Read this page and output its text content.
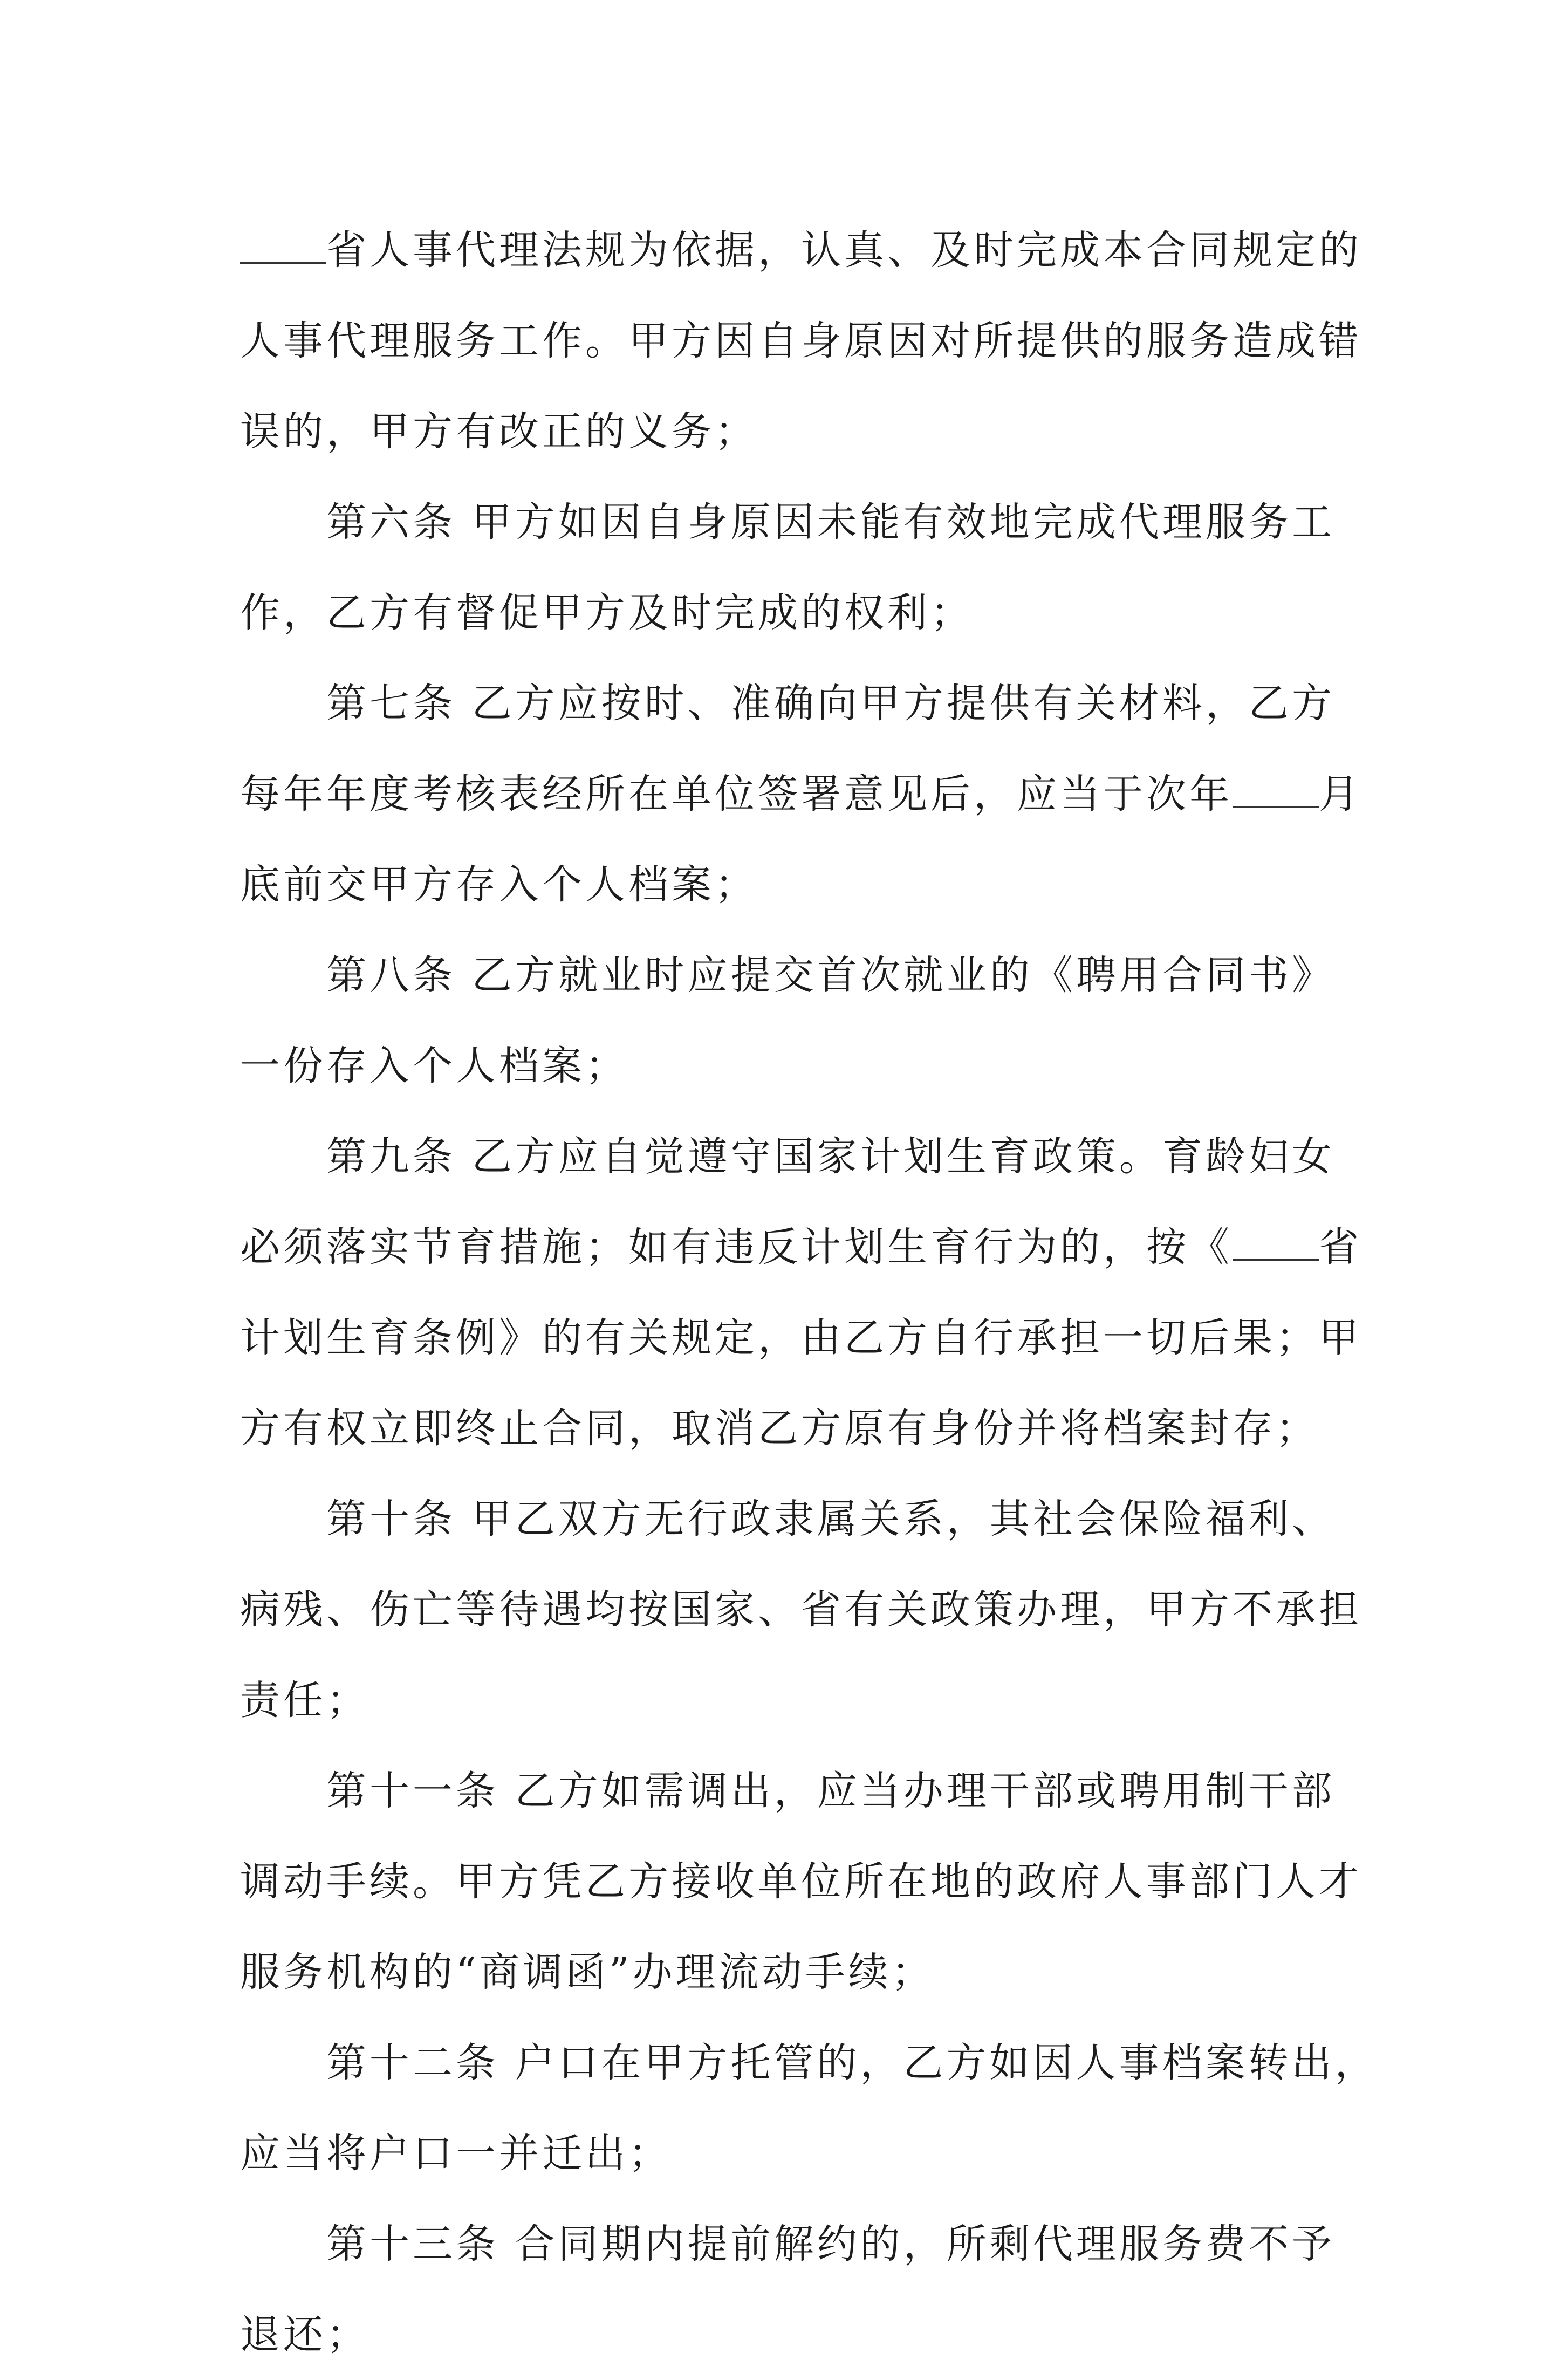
省人事代理法规为依据，认真、及时完成本合同规定的
人事代理服务工作。甲方因自身原因对所提供的服务造成错
误的，甲方有改正的义务；
第六条 甲方如因自身原因未能有效地完成代理服务工
作，乙方有督促甲方及时完成的权利；
第七条 乙方应按时、准确向甲方提供有关材料，乙方
每年年度考核表经所在单位签署意见后，应当于次年 月
底前交甲方存入个人档案；
第八条 乙方就业时应提交首次就业的《聘用合同书》
一份存入个人档案；
第九条 乙方应自觉遵守国家计划生育政策。育龄妇女
必须落实节育措施；如有违反计划生育行为的，按《 省
计划生育条例》的有关规定，由乙方自行承担一切后果；甲
方有权立即终止合同，取消乙方原有身份并将档案封存；
第十条 甲乙双方无行政隶属关系，其社会保险福利、
病残、伤亡等待遇均按国家、省有关政策办理，甲方不承担
责任；
第十一条 乙方如需调出，应当办理干部或聘用制干部
调动手续。甲方凭乙方接收单位所在地的政府人事部门人才
服务机构的“商调函”办理流动手续；
第十二条 户口在甲方托管的，乙方如因人事档案转出，
应当将户口一并迁出；
第十三条 合同期内提前解约的，所剩代理服务费不予
退还；
